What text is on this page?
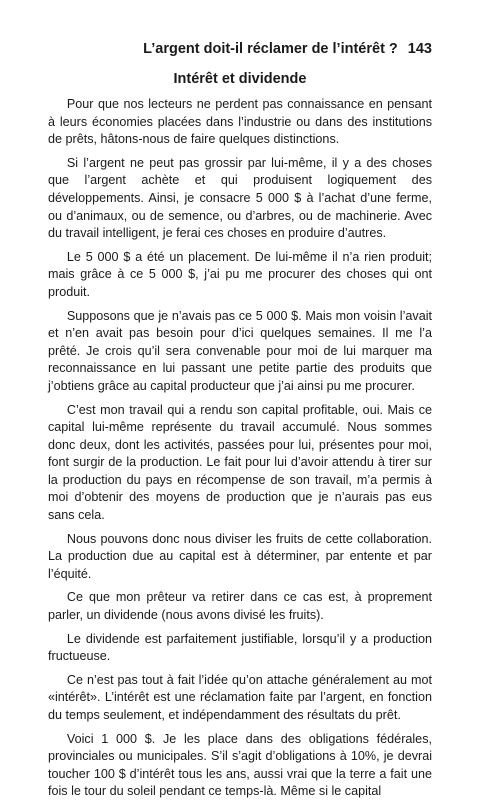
L’argent doit-il réclamer de l’intérêt ? 143
Intérêt et dividende

Pour que nos lecteurs ne perdent pas connaissance en pensant à leurs économies placées dans l’industrie ou dans des institutions de prêts, hâtons-nous de faire quelques distinctions.

Si l’argent ne peut pas grossir par lui-même, il y a des choses que l’argent achète et qui produisent logiquement des développements. Ainsi, je consacre 5 000 $ à l’achat d’une ferme, ou d’animaux, ou de semence, ou d’arbres, ou de machinerie. Avec du travail intelligent, je ferai ces choses en produire d’autres.

Le 5 000 $ a été un placement. De lui-même il n’a rien produit; mais grâce à ce 5 000 $, j’ai pu me procurer des choses qui ont produit.

Supposons que je n’avais pas ce 5 000 $. Mais mon voisin l’avait et n’en avait pas besoin pour d’ici quelques semaines. Il me l’a prêté. Je crois qu’il sera convenable pour moi de lui marquer ma reconnaissance en lui passant une petite partie des produits que j’obtiens grâce au capital producteur que j’ai ainsi pu me procurer.

C’est mon travail qui a rendu son capital profitable, oui. Mais ce capital lui-même représente du travail accumulé. Nous sommes donc deux, dont les activités, passées pour lui, présentes pour moi, font surgir de la production. Le fait pour lui d’avoir attendu à tirer sur la production du pays en récompense de son travail, m’a permis à moi d’obtenir des moyens de production que je n’aurais pas eus sans cela.

Nous pouvons donc nous diviser les fruits de cette collaboration. La production due au capital est à déterminer, par entente et par l’équité.

Ce que mon prêteur va retirer dans ce cas est, à proprement parler, un dividende (nous avons divisé les fruits).

Le dividende est parfaitement justifiable, lorsqu’il y a production fructueuse.

Ce n’est pas tout à fait l’idée qu’on attache généralement au mot «intérêt». L’intérêt est une réclamation faite par l’argent, en fonction du temps seulement, et indépendamment des résultats du prêt.

Voici 1 000 $. Je les place dans des obligations fédérales, provinciales ou municipales. S’il s’agit d’obligations à 10%, je devrai toucher 100 $ d’intérêt tous les ans, aussi vrai que la terre a fait une fois le tour du soleil pendant ce temps-là. Même si le capital
